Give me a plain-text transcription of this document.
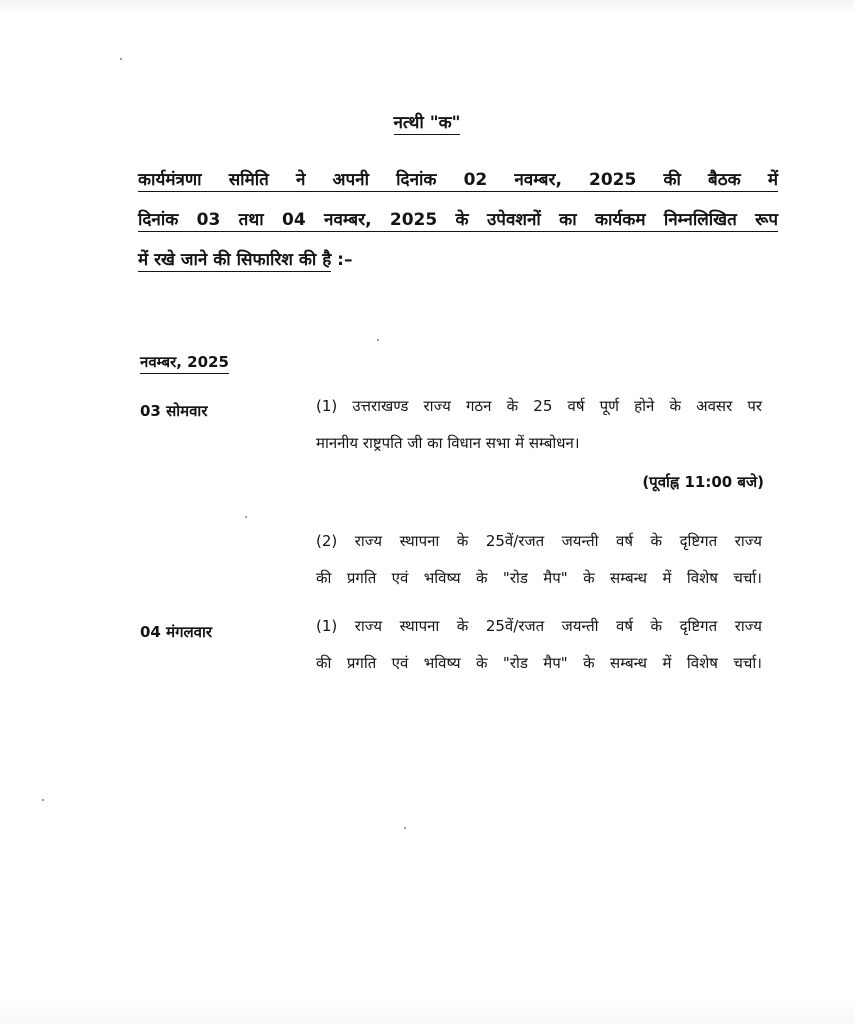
नत्थी "क"
कार्यमंत्रणा समिति ने अपनी दिनांक 02 नवम्बर, 2025 की बैठक में
दिनांक 03 तथा 04 नवम्बर, 2025 के उपेवशनों का कार्यकम निम्नलिखित रूप
में रखे जाने की सिफारिश की है :–
नवम्बर, 2025
03 सोमवार	(1) उत्तराखण्ड राज्य गठन के 25 वर्ष पूर्ण होने के अवसर पर
माननीय राष्ट्रपति जी का विधान सभा में सम्बोधन।
(पूर्वाह्न 11:00 बजे)
(2) राज्य स्थापना के 25वें/रजत जयन्ती वर्ष के दृष्टिगत राज्य
की प्रगति एवं भविष्य के "रोड मैप" के सम्बन्ध में विशेष चर्चा।
04 मंगलवार	(1) राज्य स्थापना के 25वें/रजत जयन्ती वर्ष के दृष्टिगत राज्य
की प्रगति एवं भविष्य के "रोड मैप" के सम्बन्ध में विशेष चर्चा।
